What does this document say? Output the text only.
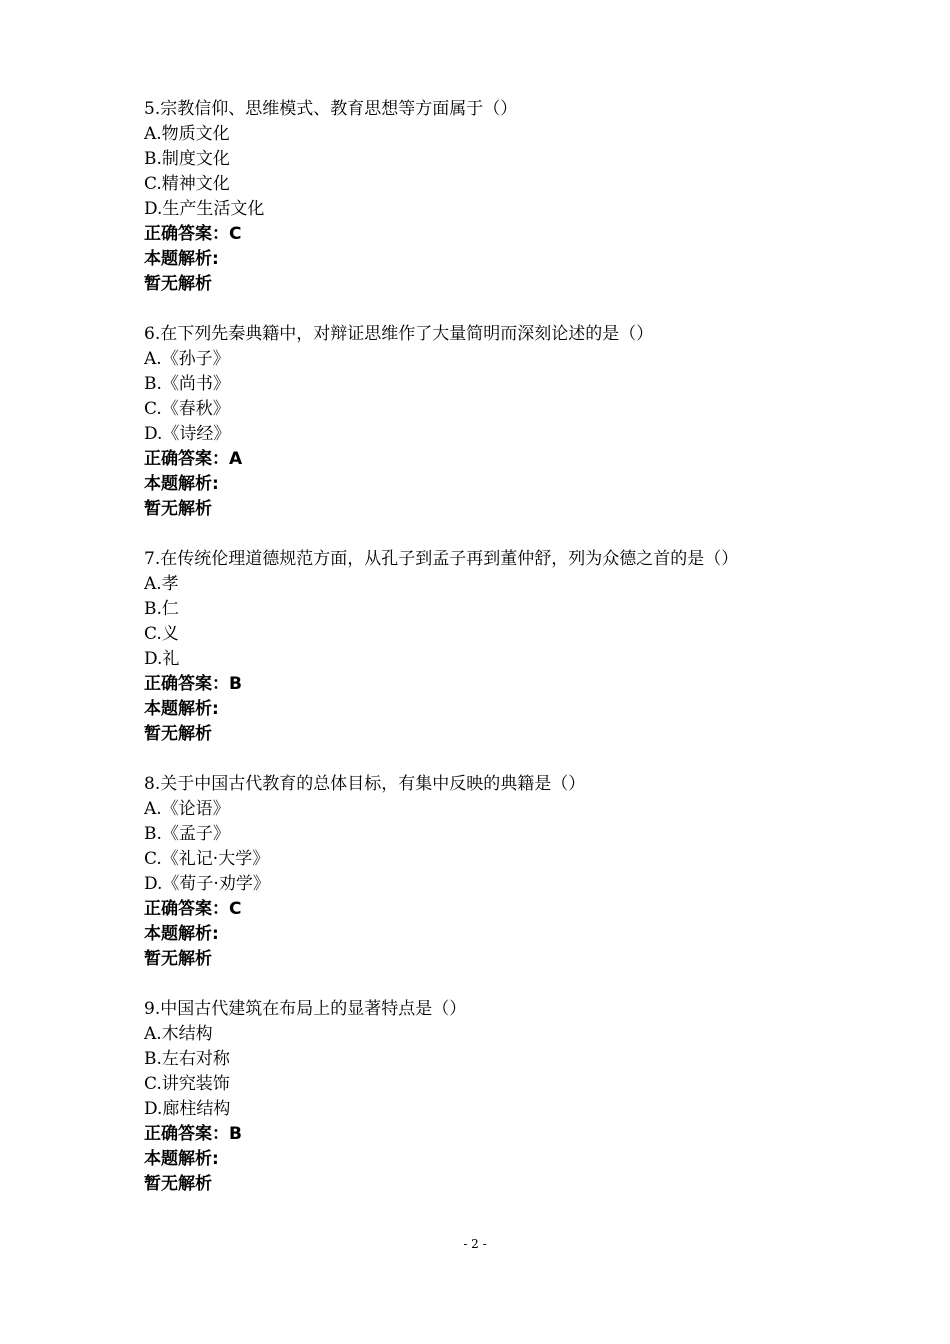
5.宗教信仰、思维模式、教育思想等方面属于（）
A.物质文化
B.制度文化
C.精神文化
D.生产生活文化
正确答案：C
本题解析:
暂无解析
6.在下列先秦典籍中，对辩证思维作了大量简明而深刻论述的是（）
A.《孙子》
B.《尚书》
C.《春秋》
D.《诗经》
正确答案：A
本题解析:
暂无解析
7.在传统伦理道德规范方面，从孔子到孟子再到董仲舒，列为众德之首的是（）
A.孝
B.仁
C.义
D.礼
正确答案：B
本题解析:
暂无解析
8.关于中国古代教育的总体目标，有集中反映的典籍是（）
A.《论语》
B.《孟子》
C.《礼记·大学》
D.《荀子·劝学》
正确答案：C
本题解析:
暂无解析
9.中国古代建筑在布局上的显著特点是（）
A.木结构
B.左右对称
C.讲究装饰
D.廊柱结构
正确答案：B
本题解析:
暂无解析
- 2 -
